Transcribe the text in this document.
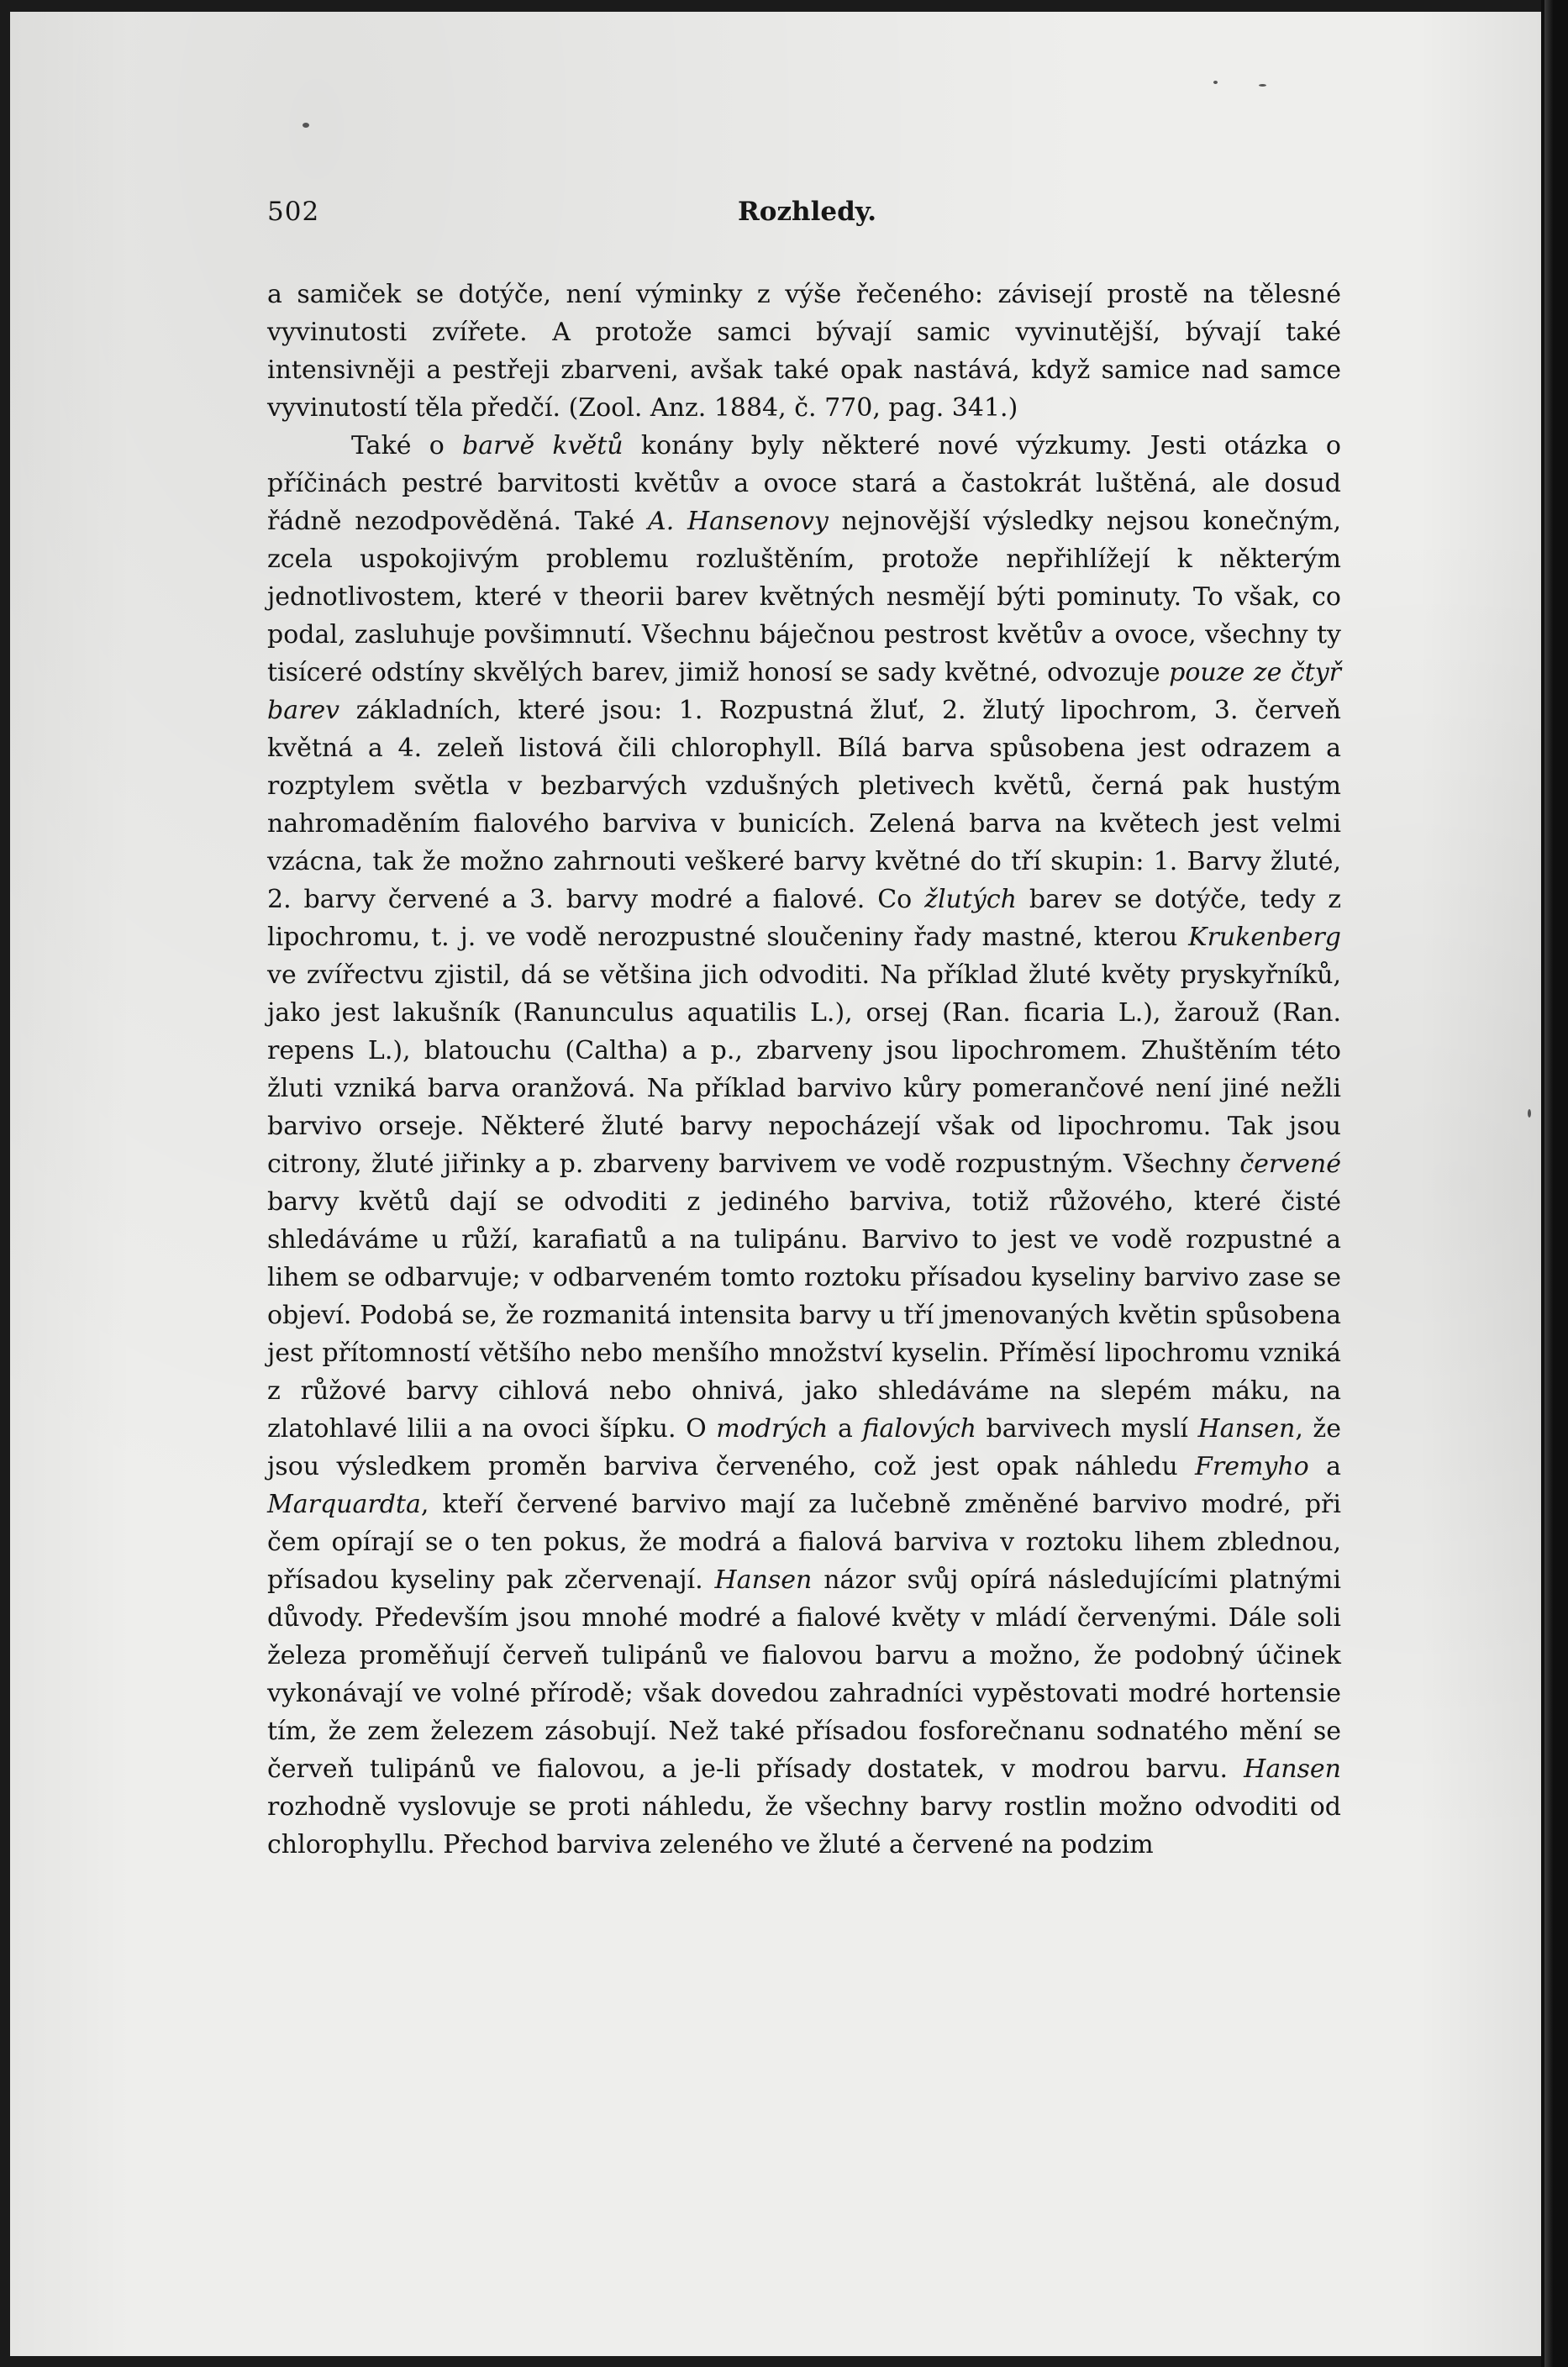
502	Rozhledy.

a samiček se dotýče, není výminky z výše řečeného: závisejí prostě na tělesné vyvinutosti zvířete. A protože samci bývají samic vyvinutější, bývají také intensivněji a pestřeji zbarveni, avšak také opak nastává, když samice nad samce vyvinutostí těla předčí. (Zool. Anz. 1884, č. 770, pag. 341.)

Také o barvě květů konány byly některé nové výzkumy. Jesti otázka o příčinách pestré barvitosti květův a ovoce stará a častokrát luštěná, ale dosud řádně nezodpověděná. Také A. Hansenovy nejnovější výsledky nejsou konečným, zcela uspokojivým problemu rozluštěním, protože nepřihlížejí k některým jednotlivostem, které v theorii barev květných nesmějí býti pominuty. To však, co podal, zasluhuje povšimnutí. Všechnu báječnou pestrost květův a ovoce, všechny ty tisíceré odstíny skvělých barev, jimiž honosí se sady květné, odvozuje pouze ze čtyř barev základních, které jsou: 1. Rozpustná žluť, 2. žlutý lipochrom, 3. červeň květná a 4. zeleň listová čili chlorophyll. Bílá barva spůsobena jest odrazem a rozptylem světla v bezbarvých vzdušných pletivech květů, černá pak hustým nahromaděním fialového barviva v bunicích. Zelená barva na květech jest velmi vzácna, tak že možno zahrnouti veškeré barvy květné do tří skupin: 1. Barvy žluté, 2. barvy červené a 3. barvy modré a fialové. Co žlutých barev se dotýče, tedy z lipochromu, t. j. ve vodě nerozpustné sloučeniny řady mastné, kterou Krukenberg ve zvířectvu zjistil, dá se většina jich odvoditi. Na příklad žluté květy pryskyřníků, jako jest lakušník (Ranunculus aquatilis L.), orsej (Ran. ficaria L.), žarouž (Ran. repens L.), blatouchu (Caltha) a p., zbarveny jsou lipochromem. Zhuštěním této žluti vzniká barva oranžová. Na příklad barvivo kůry pomerančové není jiné nežli barvivo orseje. Některé žluté barvy nepocházejí však od lipochromu. Tak jsou citrony, žluté jiřinky a p. zbarveny barvivem ve vodě rozpustným. Všechny červené barvy květů dají se odvoditi z jediného barviva, totiž růžového, které čisté shledáváme u růží, karafiatů a na tulipánu. Barvivo to jest ve vodě rozpustné a lihem se odbarvuje; v odbarveném tomto roztoku přísadou kyseliny barvivo zase se objeví. Podobá se, že rozmanitá intensita barvy u tří jmenovaných květin spůsobena jest přítomností většího nebo menšího množství kyselin. Příměsí lipochromu vzniká z růžové barvy cihlová nebo ohnivá, jako shledáváme na slepém máku, na zlatohlavé lilii a na ovoci šípku. O modrých a fialových barvivech myslí Hansen, že jsou výsledkem proměn barviva červeného, což jest opak náhledu Fremyho a Marquardta, kteří červené barvivo mají za lučebně změněné barvivo modré, při čem opírají se o ten pokus, že modrá a fialová barviva v roztoku lihem zblednou, přísadou kyseliny pak zčervenají. Hansen názor svůj opírá následujícími platnými důvody. Především jsou mnohé modré a fialové květy v mládí červenými. Dále soli železa proměňují červeň tulipánů ve fialovou barvu a možno, že podobný účinek vykonávají ve volné přírodě; však dovedou zahradníci vypěstovati modré hortensie tím, že zem železem zásobují. Než také přísadou fosforečnanu sodnatého mění se červeň tulipánů ve fialovou, a je-li přísady dostatek, v modrou barvu. Hansen rozhodně vyslovuje se proti náhledu, že všechny barvy rostlin možno odvoditi od chlorophyllu. Přechod barviva zeleného ve žluté a červené na podzim
